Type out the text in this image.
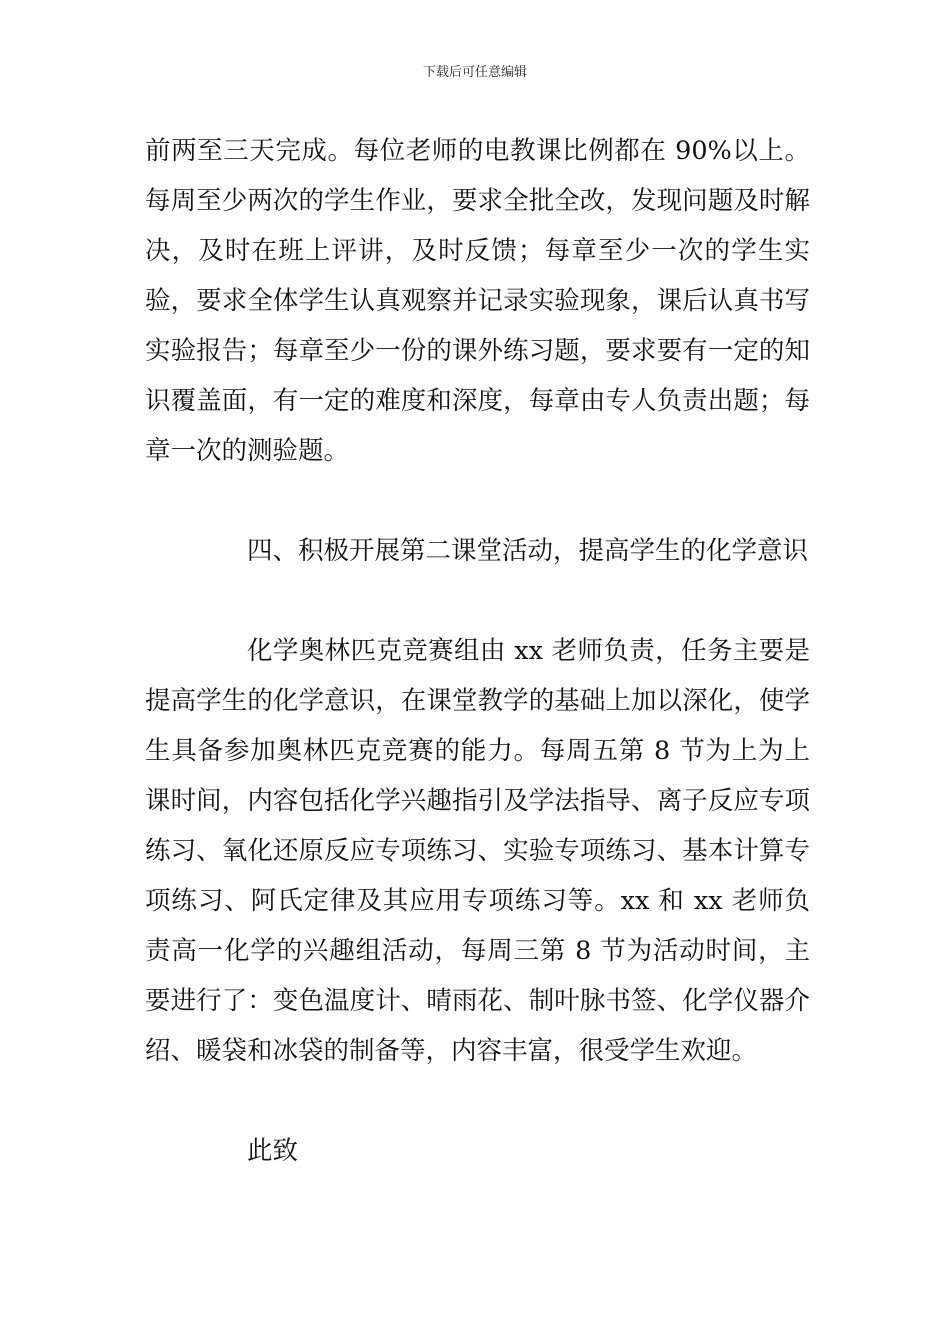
下载后可任意编辑

前两至三天完成。每位老师的电教课比例都在 90%以上。每周至少两次的学生作业，要求全批全改，发现问题及时解决，及时在班上评讲，及时反馈；每章至少一次的学生实验，要求全体学生认真观察并记录实验现象，课后认真书写实验报告；每章至少一份的课外练习题，要求要有一定的知识覆盖面，有一定的难度和深度，每章由专人负责出题；每章一次的测验题。

四、积极开展第二课堂活动，提高学生的化学意识

化学奥林匹克竞赛组由 xx 老师负责，任务主要是提高学生的化学意识，在课堂教学的基础上加以深化，使学生具备参加奥林匹克竞赛的能力。每周五第 8 节为上为上课时间，内容包括化学兴趣指引及学法指导、离子反应专项练习、氧化还原反应专项练习、实验专项练习、基本计算专项练习、阿氏定律及其应用专项练习等。xx 和 xx 老师负责高一化学的兴趣组活动，每周三第 8 节为活动时间，主要进行了：变色温度计、晴雨花、制叶脉书签、化学仪器介绍、暖袋和冰袋的制备等，内容丰富，很受学生欢迎。

此致
